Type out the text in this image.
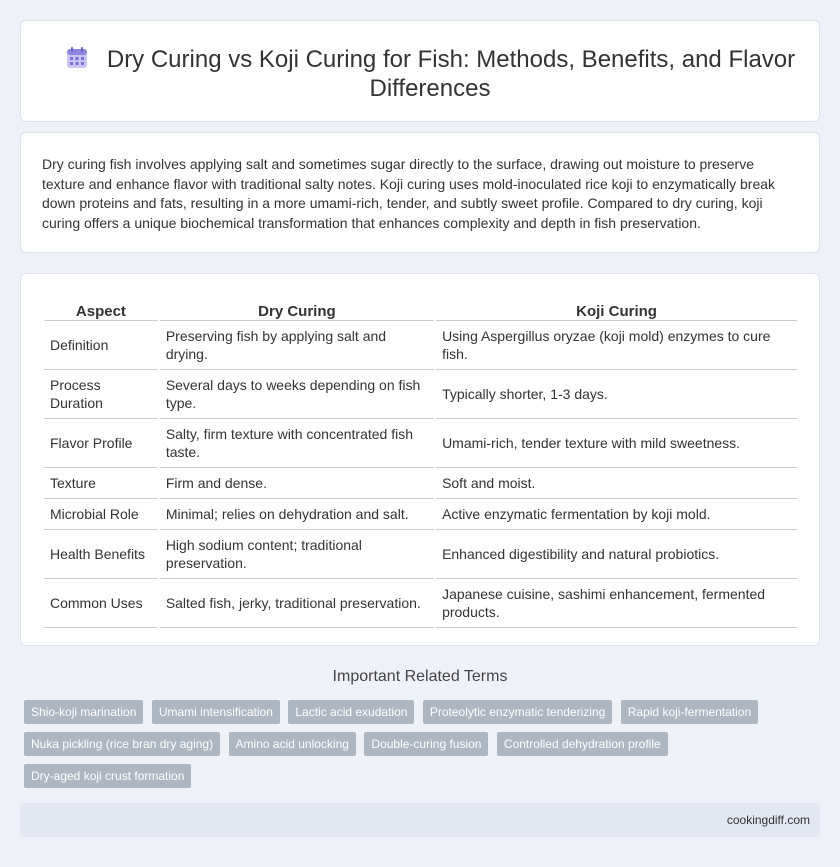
Dry Curing vs Koji Curing for Fish: Methods, Benefits, and Flavor Differences

Dry curing fish involves applying salt and sometimes sugar directly to the surface, drawing out moisture to preserve texture and enhance flavor with traditional salty notes. Koji curing uses mold-inoculated rice koji to enzymatically break down proteins and fats, resulting in a more umami-rich, tender, and subtly sweet profile. Compared to dry curing, koji curing offers a unique biochemical transformation that enhances complexity and depth in fish preservation.

Aspect	Dry Curing	Koji Curing
Definition	Preserving fish by applying salt and drying.	Using Aspergillus oryzae (koji mold) enzymes to cure fish.
Process Duration	Several days to weeks depending on fish type.	Typically shorter, 1-3 days.
Flavor Profile	Salty, firm texture with concentrated fish taste.	Umami-rich, tender texture with mild sweetness.
Texture	Firm and dense.	Soft and moist.
Microbial Role	Minimal; relies on dehydration and salt.	Active enzymatic fermentation by koji mold.
Health Benefits	High sodium content; traditional preservation.	Enhanced digestibility and natural probiotics.
Common Uses	Salted fish, jerky, traditional preservation.	Japanese cuisine, sashimi enhancement, fermented products.
Important Related Terms
Shio-koji marination Umami intensification Lactic acid exudation Proteolytic enzymatic tenderizing Rapid koji-fermentation Nuka pickling (rice bran dry aging) Amino acid unlocking Double-curing fusion Controlled dehydration profile Dry-aged koji crust formation
cookingdiff.com
